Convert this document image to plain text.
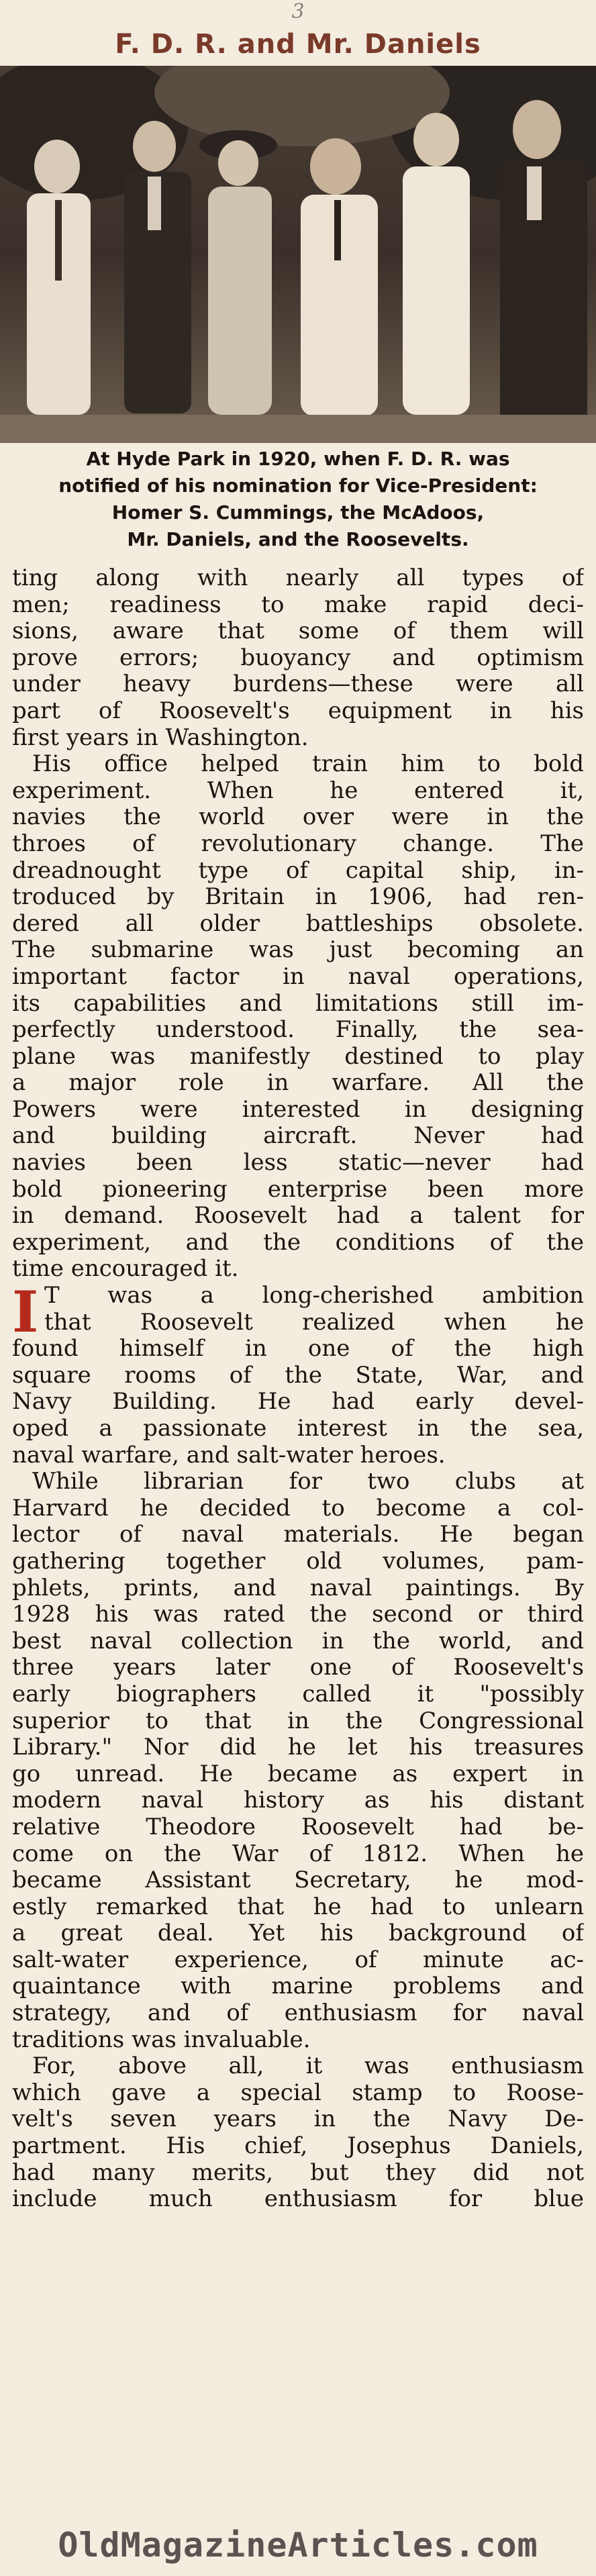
3
F. D. R. and Mr. Daniels
At Hyde Park in 1920, when F. D. R. was
notified of his nomination for Vice-President:
Homer S. Cummings, the McAdoos,
Mr. Daniels, and the Roosevelts.
ting along with nearly all types of
men; readiness to make rapid deci-
sions, aware that some of them will
prove errors; buoyancy and optimism
under heavy burdens—these were all
part of Roosevelt's equipment in his
first years in Washington.
His office helped train him to bold
experiment. When he entered it,
navies the world over were in the
throes of revolutionary change. The
dreadnought type of capital ship, in-
troduced by Britain in 1906, had ren-
dered all older battleships obsolete.
The submarine was just becoming an
important factor in naval operations,
its capabilities and limitations still im-
perfectly understood. Finally, the sea-
plane was manifestly destined to play
a major role in warfare. All the
Powers were interested in designing
and building aircraft. Never had
navies been less static—never had
bold pioneering enterprise been more
in demand. Roosevelt had a talent for
experiment, and the conditions of the
time encouraged it.
I T was a long-cherished ambition
that Roosevelt realized when he
found himself in one of the high
square rooms of the State, War, and
Navy Building. He had early devel-
oped a passionate interest in the sea,
naval warfare, and salt-water heroes.
While librarian for two clubs at
Harvard he decided to become a col-
lector of naval materials. He began
gathering together old volumes, pam-
phlets, prints, and naval paintings. By
1928 his was rated the second or third
best naval collection in the world, and
three years later one of Roosevelt's
early biographers called it "possibly
superior to that in the Congressional
Library." Nor did he let his treasures
go unread. He became as expert in
modern naval history as his distant
relative Theodore Roosevelt had be-
come on the War of 1812. When he
became Assistant Secretary, he mod-
estly remarked that he had to unlearn
a great deal. Yet his background of
salt-water experience, of minute ac-
quaintance with marine problems and
strategy, and of enthusiasm for naval
traditions was invaluable.
For, above all, it was enthusiasm
which gave a special stamp to Roose-
velt's seven years in the Navy De-
partment. His chief, Josephus Daniels,
had many merits, but they did not
include much enthusiasm for blue
OldMagazineArticles.com
